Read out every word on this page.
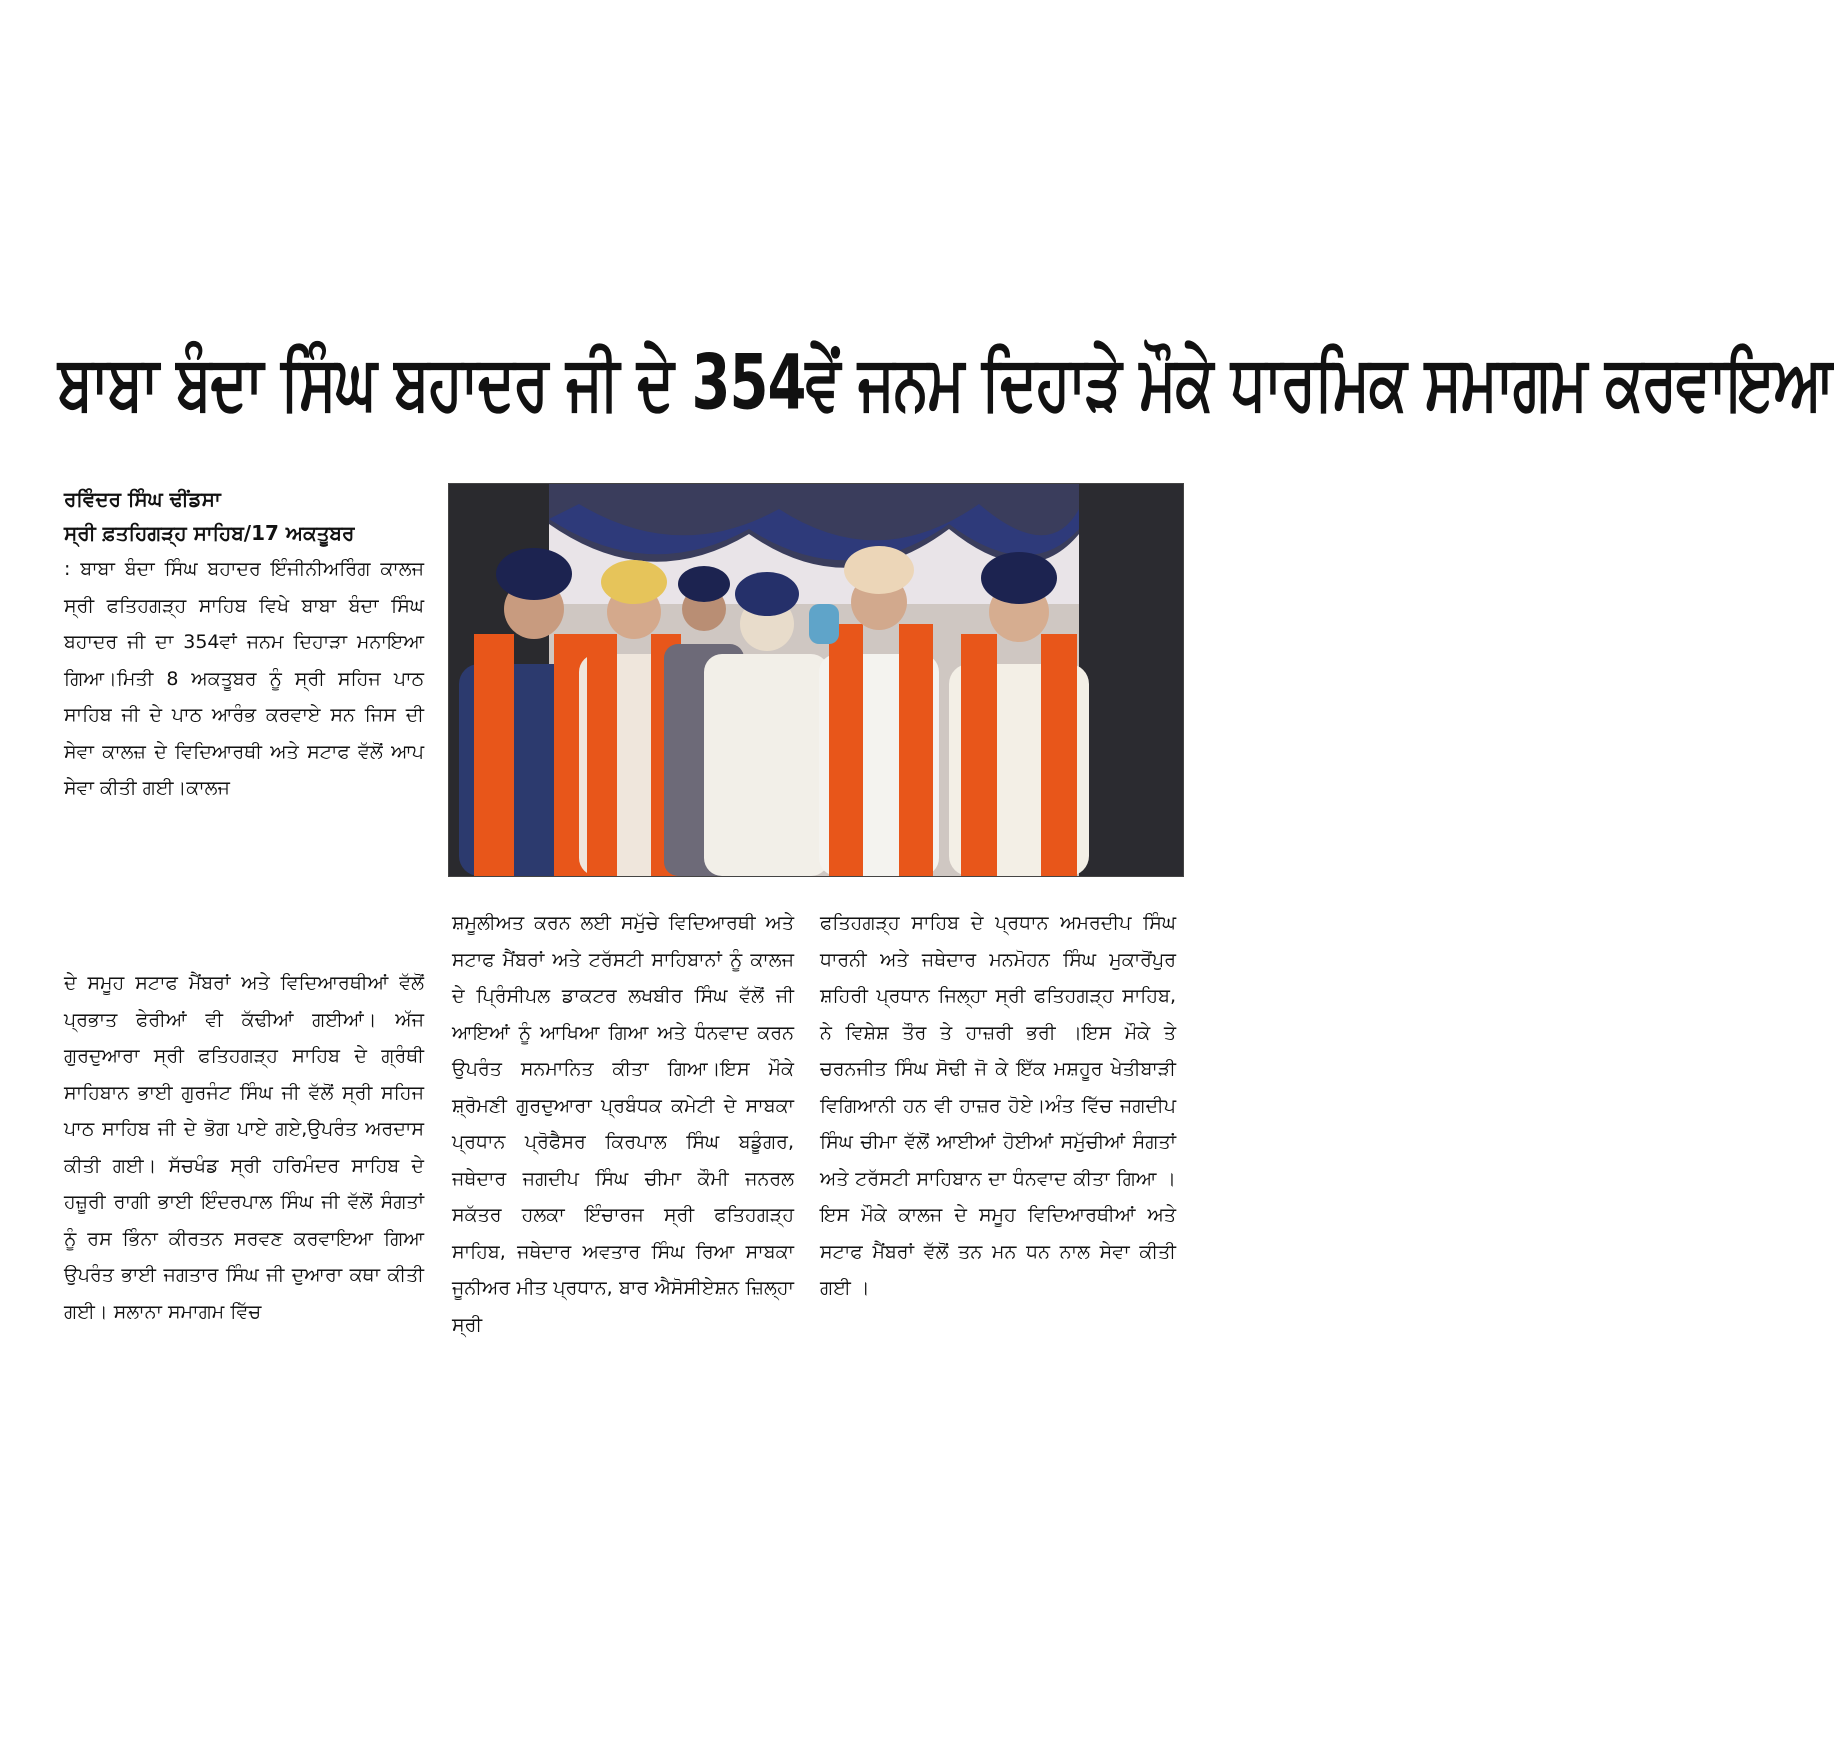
ਬਾਬਾ ਬੰਦਾ ਸਿੰਘ ਬਹਾਦਰ ਜੀ ਦੇ 354ਵੇਂ ਜਨਮ ਦਿਹਾੜੇ ਮੌਕੇ ਧਾਰਮਿਕ ਸਮਾਗਮ ਕਰਵਾਇਆ
ਰਵਿੰਦਰ ਸਿੰਘ ਢੀਂਡਸਾ
ਸ੍ਰੀ ਫ਼ਤਹਿਗੜ੍ਹ ਸਾਹਿਬ/17 ਅਕਤੂਬਰ
: ਬਾਬਾ ਬੰਦਾ ਸਿੰਘ ਬਹਾਦਰ ਇੰਜੀਨੀਅਰਿੰਗ ਕਾਲਜ ਸ੍ਰੀ ਫਤਿਹਗੜ੍ਹ ਸਾਹਿਬ ਵਿਖੇ ਬਾਬਾ ਬੰਦਾ ਸਿੰਘ ਬਹਾਦਰ ਜੀ ਦਾ 354ਵਾਂ ਜਨਮ ਦਿਹਾੜਾ ਮਨਾਇਆ ਗਿਆ।ਮਿਤੀ 8 ਅਕਤੂਬਰ ਨੂੰ ਸ੍ਰੀ ਸਹਿਜ ਪਾਠ ਸਾਹਿਬ ਜੀ ਦੇ ਪਾਠ ਆਰੰਭ ਕਰਵਾਏ ਸਨ ਜਿਸ ਦੀ ਸੇਵਾ ਕਾਲਜ਼ ਦੇ ਵਿਦਿਆਰਥੀ ਅਤੇ ਸਟਾਫ ਵੱਲੋਂ ਆਪ ਸੇਵਾ ਕੀਤੀ ਗਈ।ਕਾਲਜ
ਦੇ ਸਮੂਹ ਸਟਾਫ ਮੈਂਬਰਾਂ ਅਤੇ ਵਿਦਿਆਰਥੀਆਂ ਵੱਲੋਂ ਪ੍ਰਭਾਤ ਫੇਰੀਆਂ ਵੀ ਕੱਢੀਆਂ ਗਈਆਂ। ਅੱਜ ਗੁਰਦੁਆਰਾ ਸ੍ਰੀ ਫਤਿਹਗੜ੍ਹ ਸਾਹਿਬ ਦੇ ਗ੍ਰੰਥੀ ਸਾਹਿਬਾਨ ਭਾਈ ਗੁਰਜੰਟ ਸਿੰਘ ਜੀ ਵੱਲੋਂ ਸ੍ਰੀ ਸਹਿਜ ਪਾਠ ਸਾਹਿਬ ਜੀ ਦੇ ਭੋਗ ਪਾਏ ਗਏ,ਉਪਰੰਤ ਅਰਦਾਸ ਕੀਤੀ ਗਈ। ਸੱਚਖੰਡ ਸ੍ਰੀ ਹਰਿਮੰਦਰ ਸਾਹਿਬ ਦੇ ਹਜ਼ੂਰੀ ਰਾਗੀ ਭਾਈ ਇੰਦਰਪਾਲ ਸਿੰਘ ਜੀ ਵੱਲੋਂ ਸੰਗਤਾਂ ਨੂੰ ਰਸ ਭਿੰਨਾ ਕੀਰਤਨ ਸਰਵਣ ਕਰਵਾਇਆ ਗਿਆ ਉਪਰੰਤ ਭਾਈ ਜਗਤਾਰ ਸਿੰਘ ਜੀ ਦੁਆਰਾ ਕਥਾ ਕੀਤੀ ਗਈ। ਸਲਾਨਾ ਸਮਾਗਮ ਵਿੱਚ
ਸ਼ਮੂਲੀਅਤ ਕਰਨ ਲਈ ਸਮੁੱਚੇ ਵਿਦਿਆਰਥੀ ਅਤੇ ਸਟਾਫ ਮੈਂਬਰਾਂ ਅਤੇ ਟਰੱਸਟੀ ਸਾਹਿਬਾਨਾਂ ਨੂੰ ਕਾਲਜ ਦੇ ਪ੍ਰਿੰਸੀਪਲ ਡਾਕਟਰ ਲਖਬੀਰ ਸਿੰਘ ਵੱਲੋਂ ਜੀ ਆਇਆਂ ਨੂੰ ਆਖਿਆ ਗਿਆ ਅਤੇ ਧੰਨਵਾਦ ਕਰਨ ਉਪਰੰਤ ਸਨਮਾਨਿਤ ਕੀਤਾ ਗਿਆ।ਇਸ ਮੌਕੇ ਸ਼੍ਰੋਮਣੀ ਗੁਰਦੁਆਰਾ ਪ੍ਰਬੰਧਕ ਕਮੇਟੀ ਦੇ ਸਾਬਕਾ ਪ੍ਰਧਾਨ ਪ੍ਰੋਫੈਸਰ ਕਿਰਪਾਲ ਸਿੰਘ ਬਡੂੰਗਰ, ਜਥੇਦਾਰ ਜਗਦੀਪ ਸਿੰਘ ਚੀਮਾ ਕੌਮੀ ਜਨਰਲ ਸਕੱਤਰ ਹਲਕਾ ਇੰਚਾਰਜ ਸ੍ਰੀ ਫਤਿਹਗੜ੍ਹ ਸਾਹਿਬ, ਜਥੇਦਾਰ ਅਵਤਾਰ ਸਿੰਘ ਰਿਆ ਸਾਬਕਾ ਜੂਨੀਅਰ ਮੀਤ ਪ੍ਰਧਾਨ, ਬਾਰ ਐਸੋਸੀਏਸ਼ਨ ਜ਼ਿਲ੍ਹਾ ਸ੍ਰੀ
ਫਤਿਹਗੜ੍ਹ ਸਾਹਿਬ ਦੇ ਪ੍ਰਧਾਨ ਅਮਰਦੀਪ ਸਿੰਘ ਧਾਰਨੀ ਅਤੇ ਜਥੇਦਾਰ ਮਨਮੋਹਨ ਸਿੰਘ ਮੁਕਾਰੋਂਪੁਰ ਸ਼ਹਿਰੀ ਪ੍ਰਧਾਨ ਜਿਲ੍ਹਾ ਸ੍ਰੀ ਫਤਿਹਗੜ੍ਹ ਸਾਹਿਬ, ਨੇ ਵਿਸ਼ੇਸ਼ ਤੌਰ ਤੇ ਹਾਜ਼ਰੀ ਭਰੀ ।ਇਸ ਮੌਕੇ ਤੇ ਚਰਨਜੀਤ ਸਿੰਘ ਸੋਢੀ ਜੋ ਕੇ ਇੱਕ ਮਸ਼ਹੂਰ ਖੇਤੀਬਾੜੀ ਵਿਗਿਆਨੀ ਹਨ ਵੀ ਹਾਜ਼ਰ ਹੋਏ।ਅੰਤ ਵਿੱਚ ਜਗਦੀਪ ਸਿੰਘ ਚੀਮਾ ਵੱਲੋਂ ਆਈਆਂ ਹੋਈਆਂ ਸਮੁੱਚੀਆਂ ਸੰਗਤਾਂ ਅਤੇ ਟਰੱਸਟੀ ਸਾਹਿਬਾਨ ਦਾ ਧੰਨਵਾਦ ਕੀਤਾ ਗਿਆ ।ਇਸ ਮੌਕੇ ਕਾਲਜ ਦੇ ਸਮੂਹ ਵਿਦਿਆਰਥੀਆਂ ਅਤੇ ਸਟਾਫ ਮੈਂਬਰਾਂ ਵੱਲੋਂ ਤਨ ਮਨ ਧਨ ਨਾਲ ਸੇਵਾ ਕੀਤੀ ਗਈ ।
